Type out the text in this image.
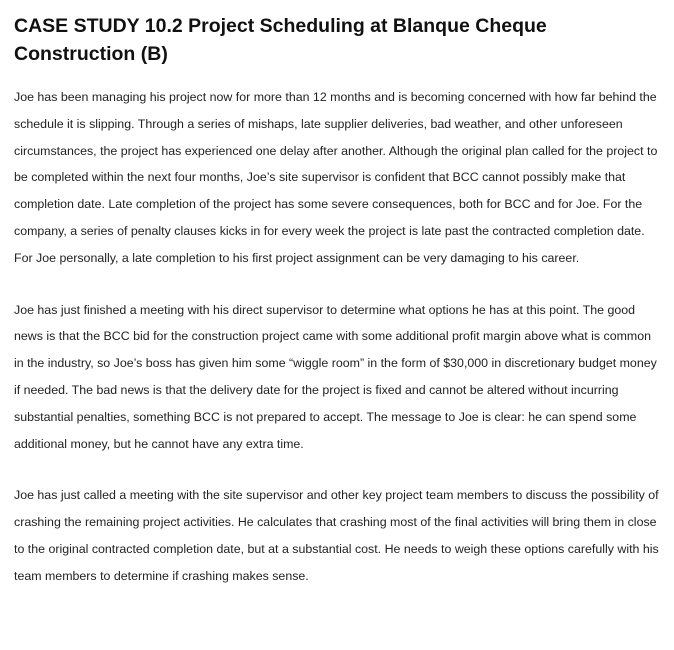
CASE STUDY 10.2 Project Scheduling at Blanque Cheque Construction (B)

Joe has been managing his project now for more than 12 months and is becoming concerned with how far behind the schedule it is slipping. Through a series of mishaps, late supplier deliveries, bad weather, and other unforeseen circumstances, the project has experienced one delay after another. Although the original plan called for the project to be completed within the next four months, Joe’s site supervisor is confident that BCC cannot possibly make that completion date. Late completion of the project has some severe consequences, both for BCC and for Joe. For the company, a series of penalty clauses kicks in for every week the project is late past the contracted completion date. For Joe personally, a late completion to his first project assignment can be very damaging to his career.

Joe has just finished a meeting with his direct supervisor to determine what options he has at this point. The good news is that the BCC bid for the construction project came with some additional profit margin above what is common in the industry, so Joe’s boss has given him some “wiggle room” in the form of $30,000 in discretionary budget money if needed. The bad news is that the delivery date for the project is fixed and cannot be altered without incurring substantial penalties, something BCC is not prepared to accept. The message to Joe is clear: he can spend some additional money, but he cannot have any extra time.

Joe has just called a meeting with the site supervisor and other key project team members to discuss the possibility of crashing the remaining project activities. He calculates that crashing most of the final activities will bring them in close to the original contracted completion date, but at a substantial cost. He needs to weigh these options carefully with his team members to determine if crashing makes sense.
